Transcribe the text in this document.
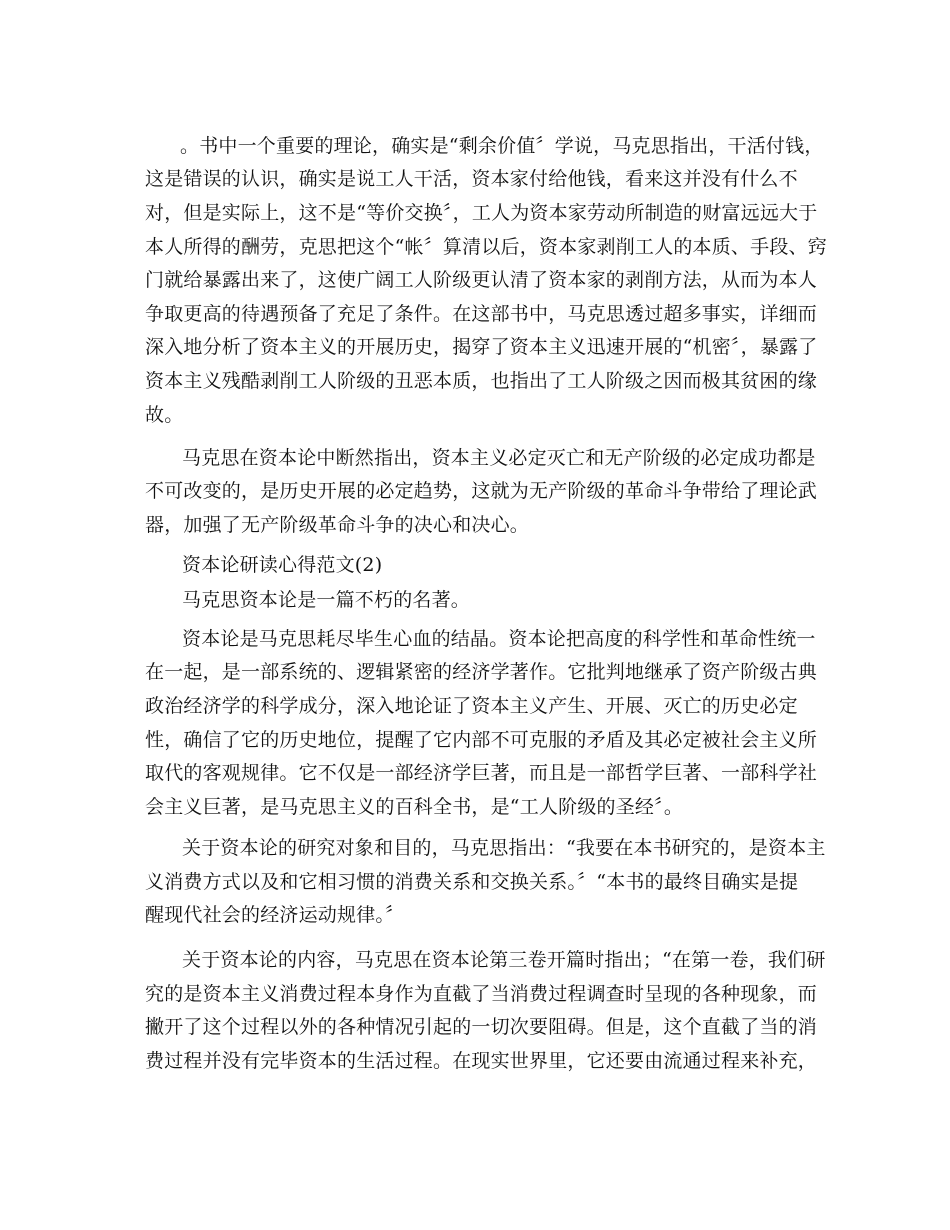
。书中一个重要的理论，确实是“剩余价值〞学说，马克思指出，干活付钱，
这是错误的认识，确实是说工人干活，资本家付给他钱，看来这并没有什么不
对，但是实际上，这不是“等价交换〞，工人为资本家劳动所制造的财富远远大于
本人所得的酬劳，克思把这个“帐〞算清以后，资本家剥削工人的本质、手段、窍
门就给暴露出来了，这使广阔工人阶级更认清了资本家的剥削方法，从而为本人
争取更高的待遇预备了充足了条件。在这部书中，马克思透过超多事实，详细而
深入地分析了资本主义的开展历史，揭穿了资本主义迅速开展的“机密〞，暴露了
资本主义残酷剥削工人阶级的丑恶本质，也指出了工人阶级之因而极其贫困的缘
故。
马克思在资本论中断然指出，资本主义必定灭亡和无产阶级的必定成功都是
不可改变的，是历史开展的必定趋势，这就为无产阶级的革命斗争带给了理论武
器，加强了无产阶级革命斗争的决心和决心。
资本论研读心得范文(2)
马克思资本论是一篇不朽的名著。
资本论是马克思耗尽毕生心血的结晶。资本论把高度的科学性和革命性统一
在一起，是一部系统的、逻辑紧密的经济学著作。它批判地继承了资产阶级古典
政治经济学的科学成分，深入地论证了资本主义产生、开展、灭亡的历史必定
性，确信了它的历史地位，提醒了它内部不可克服的矛盾及其必定被社会主义所
取代的客观规律。它不仅是一部经济学巨著，而且是一部哲学巨著、一部科学社
会主义巨著，是马克思主义的百科全书，是“工人阶级的圣经〞。
关于资本论的研究对象和目的，马克思指出：“我要在本书研究的，是资本主
义消费方式以及和它相习惯的消费关系和交换关系。〞“本书的最终目确实是提
醒现代社会的经济运动规律。〞
关于资本论的内容，马克思在资本论第三卷开篇时指出；“在第一卷，我们研
究的是资本主义消费过程本身作为直截了当消费过程调查时呈现的各种现象，而
撇开了这个过程以外的各种情况引起的一切次要阻碍。但是，这个直截了当的消
费过程并没有完毕资本的生活过程。在现实世界里，它还要由流通过程来补充，
